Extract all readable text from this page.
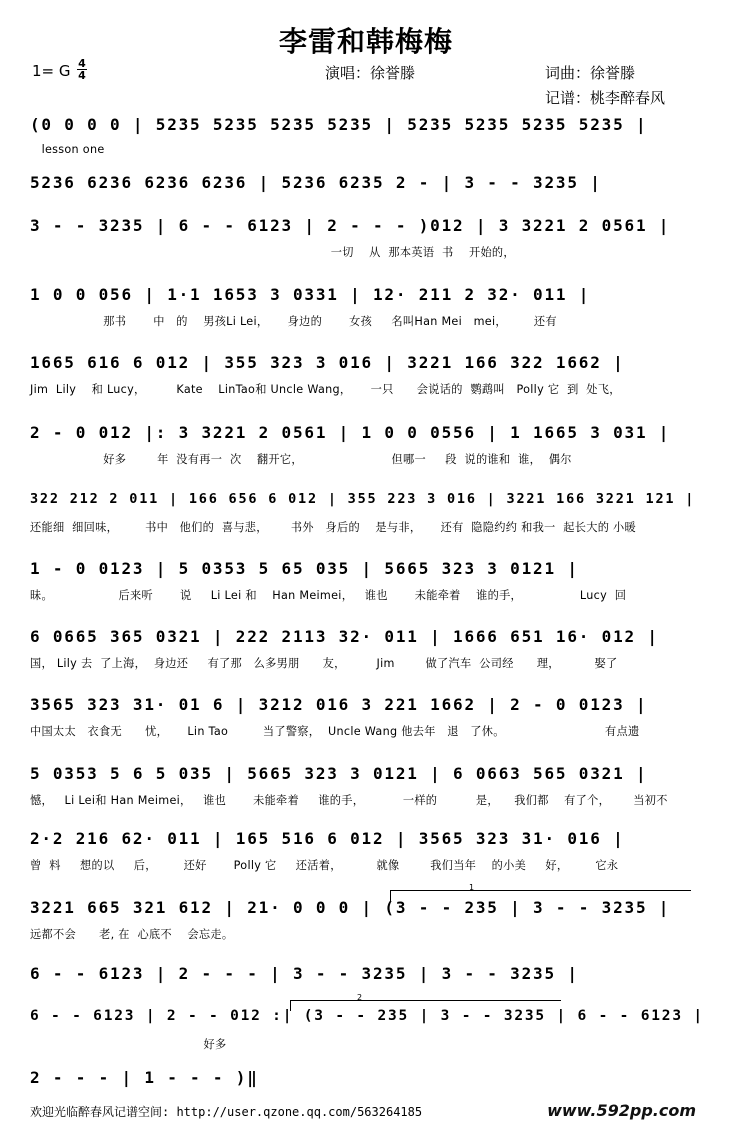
李雷和韩梅梅
1= G $\frac{4}{4}$	演唱：徐誉滕	词曲：徐誉滕
记谱：桃李醉春风
(0 0 0 0 | 5235 5235 5235 5235 | 5235 5235 5235 5235 |
lesson one
5236 6236 6236 6236 | 5236 6235 2 - | 3 - - 3235 |
3 - - 3235 | 6 - - 6123 | 2 - - - )012 | 3 3221 2 0561 |
一切    从  那本英语  书    开始的，
1 0 0 056 | 1·1 1653 3 0331 | 12· 211 2 32· 011 |
那书       中   的    男孩Li Lei，     身边的       女孩     名叫Han Mei   mei，       还有
1665 616 6 012 | 355 323 3 016 | 3221 166 322 1662 |
Jim  Lily    和 Lucy，        Kate    LinTao和 Uncle Wang，     一只      会说话的  鹦鹉叫   Polly 它  到  处飞，
2 - 0 012 |: 3 3221 2 0561 | 1 0 0 0556 | 1 1665 3 031 |
好多        年  没有再一  次    翻开它，                       但哪一     段  说的谁和  谁，  偶尔
322 212 2 011 | 166 656 6 012 | 355 223 3 016 | 3221 166 3221 121 |
还能细  细回味，       书中   他们的  喜与悲，      书外   身后的    是与非，     还有  隐隐约约 和我一  起长大的 小暖
1 - 0 0123 | 5 0353 5 65 035 | 5665 323 3 0121 |
昧。                 后来听       说     Li Lei 和    Han Meimei，   谁也       未能牵着    谁的手，               Lucy  回
6 0665 365 0321 | 222 2113 32· 011 | 1666 651 16· 012 |
国， Lily 去  了上海，  身边还     有了那   么多男朋      友，        Jim        做了汽车  公司经      理，         娶了
3565 323 31· 01 6 | 3212 016 3 221 1662 | 2 - 0 0123 |
中国太太   衣食无      忧，     Lin Tao         当了警察，  Uncle Wang 他去年   退   了休。                          有点遗
5 0353 5 6 5 035 | 5665 323 3 0121 | 6 0663 565 0321 |
憾，   Li Lei和 Han Meimei，   谁也       未能牵着     谁的手，          一样的          是，    我们都    有了个，      当初不
2·2 216 62· 011 | 165 516 6 012 | 3565 323 31· 016 |
曾  料     想的以     后，       还好       Polly 它     还活着，         就像        我们当年    的小美     好，       它永
3221 665 321 612 | 21· 0 0 0 | (3 - - 235 | 3 - - 3235 |
远都不会      老, 在  心底不    会忘走。
6 - - 6123 | 2 - - - | 3 - - 3235 | 3 - - 3235 |
6 - - 6123 | 2 - - 012 :| (3 - - 235 | 3 - - 3235 | 6 - - 6123 |
好多
2 - - - | 1 - - - )‖
1
2
欢迎光临醉春风记谱空间: http://user.qzone.qq.com/563264185	www.592pp.com
